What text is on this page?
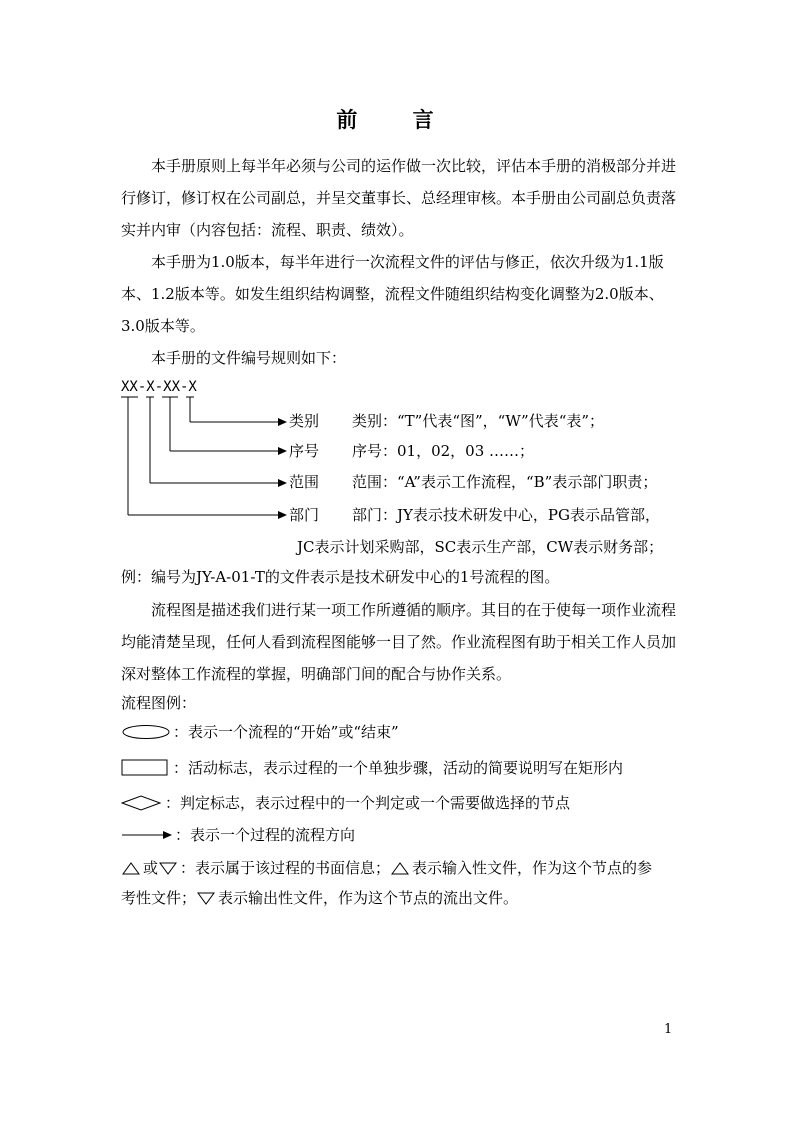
前 言

本手册原则上每半年必须与公司的运作做一次比较，评估本手册的消极部分并进行修订，修订权在公司副总，并呈交董事长、总经理审核。本手册由公司副总负责落实并内审（内容包括：流程、职责、绩效）。

本手册为1.0版本，每半年进行一次流程文件的评估与修正，依次升级为1.1版本、1.2版本等。如发生组织结构调整，流程文件随组织结构变化调整为2.0版本、3.0版本等。

本手册的文件编号规则如下：

XX-X-XX-X
类别 类别：“T”代表“图”，“W”代表“表”；
序号 序号：01，02，03 ……；
范围 范围：“A”表示工作流程，“B”表示部门职责；
部门 部门：JY表示技术研发中心，PG表示品管部，
JC表示计划采购部，SC表示生产部，CW表示财务部；
例：编号为JY-A-01-T的文件表示是技术研发中心的1号流程的图。

流程图是描述我们进行某一项工作所遵循的顺序。其目的在于使每一项作业流程均能清楚呈现，任何人看到流程图能够一目了然。作业流程图有助于相关工作人员加深对整体工作流程的掌握，明确部门间的配合与协作关系。

流程图例：
：表示一个流程的“开始”或“结束”
：活动标志，表示过程的一个单独步骤，活动的简要说明写在矩形内
：判定标志，表示过程中的一个判定或一个需要做选择的节点
：表示一个过程的流程方向
或 ：表示属于该过程的书面信息； 表示输入性文件，作为这个节点的参
考性文件； 表示输出性文件，作为这个节点的流出文件。
1
